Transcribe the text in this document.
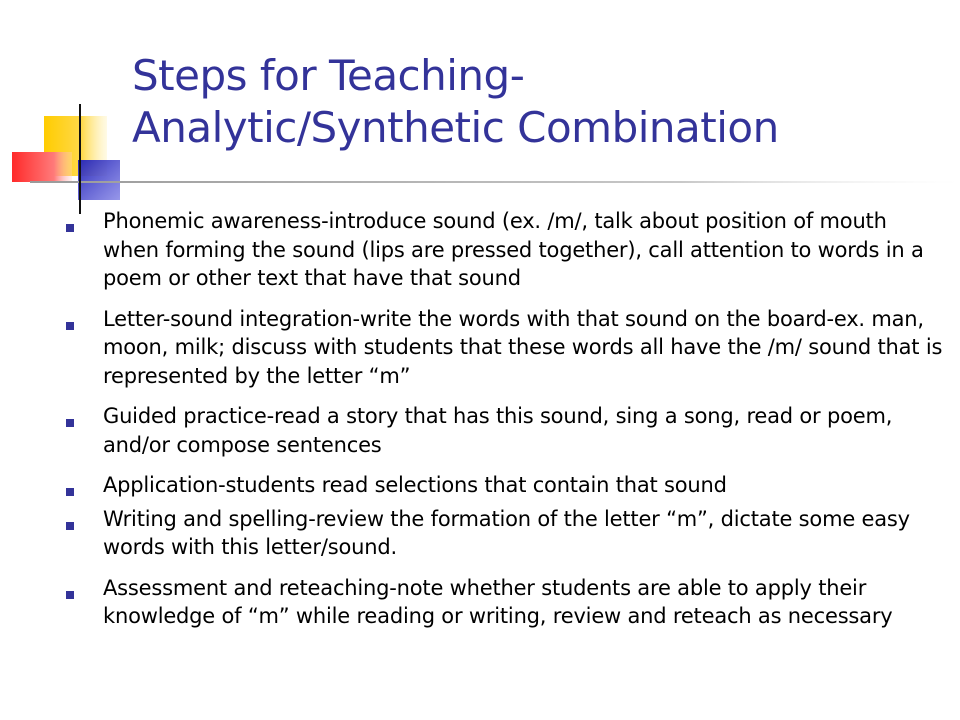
Steps for Teaching-
Analytic/Synthetic Combination
Phonemic awareness-introduce sound (ex. /m/, talk about position of mouth when forming the sound (lips are pressed together), call attention to words in a poem or other text that have that sound
Letter-sound integration-write the words with that sound on the board-ex. man, moon, milk; discuss with students that these words all have the /m/ sound that is represented by the letter “m”
Guided practice-read a story that has this sound, sing a song, read or poem, and/or compose sentences
Application-students read selections that contain that sound
Writing and spelling-review the formation of the letter “m”, dictate some easy words with this letter/sound.
Assessment and reteaching-note whether students are able to apply their knowledge of “m” while reading or writing, review and reteach as necessary
